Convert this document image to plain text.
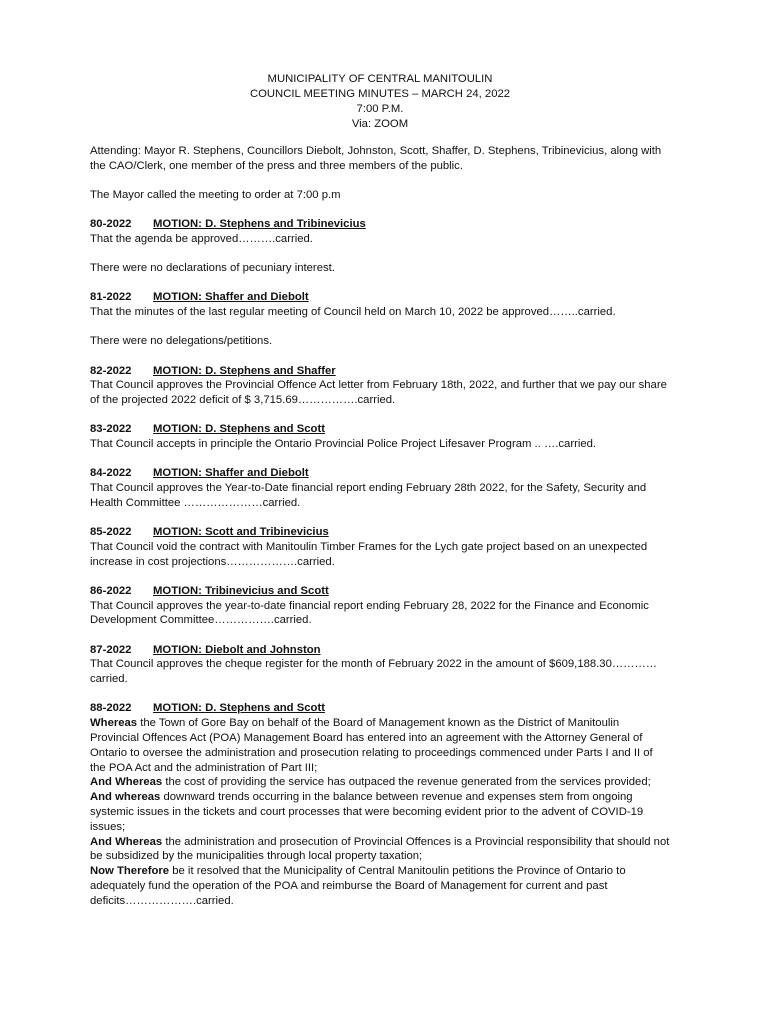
MUNICIPALITY OF CENTRAL MANITOULIN
COUNCIL MEETING MINUTES – MARCH 24, 2022
7:00 P.M.
Via: ZOOM

Attending: Mayor R. Stephens, Councillors Diebolt, Johnston, Scott, Shaffer, D. Stephens, Tribinevicius, along with the CAO/Clerk, one member of the press and three members of the public.

The Mayor called the meeting to order at 7:00 p.m

80-2022 MOTION: D. Stephens and Tribinevicius
That the agenda be approved……….carried.

There were no declarations of pecuniary interest.

81-2022 MOTION: Shaffer and Diebolt
That the minutes of the last regular meeting of Council held on March 10, 2022 be approved……..carried.

There were no delegations/petitions.

82-2022 MOTION: D. Stephens and Shaffer
That Council approves the Provincial Offence Act letter from February 18th, 2022, and further that we pay our share of the projected 2022 deficit of $ 3,715.69…………….carried.
83-2022 MOTION: D. Stephens and Scott
That Council accepts in principle the Ontario Provincial Police Project Lifesaver Program .. ….carried.
84-2022 MOTION: Shaffer and Diebolt
That Council approves the Year-to-Date financial report ending February 28th 2022, for the Safety, Security and Health Committee …………………carried.
85-2022 MOTION: Scott and Tribinevicius
That Council void the contract with Manitoulin Timber Frames for the Lych gate project based on an unexpected increase in cost projections……………….carried.
86-2022 MOTION: Tribinevicius and Scott
That Council approves the year-to-date financial report ending February 28, 2022 for the Finance and Economic Development Committee…………….carried.
87-2022 MOTION: Diebolt and Johnston
That Council approves the cheque register for the month of February 2022 in the amount of $609,188.30…………carried.
88-2022 MOTION: D. Stephens and Scott
Whereas the Town of Gore Bay on behalf of the Board of Management known as the District of Manitoulin Provincial Offences Act (POA) Management Board has entered into an agreement with the Attorney General of Ontario to oversee the administration and prosecution relating to proceedings commenced under Parts I and II of the POA Act and the administration of Part III;
And Whereas the cost of providing the service has outpaced the revenue generated from the services provided;
And whereas downward trends occurring in the balance between revenue and expenses stem from ongoing systemic issues in the tickets and court processes that were becoming evident prior to the advent of COVID-19 issues;
And Whereas the administration and prosecution of Provincial Offences is a Provincial responsibility that should not be subsidized by the municipalities through local property taxation;
Now Therefore be it resolved that the Municipality of Central Manitoulin petitions the Province of Ontario to adequately fund the operation of the POA and reimburse the Board of Management for current and past deficits……………….carried.
